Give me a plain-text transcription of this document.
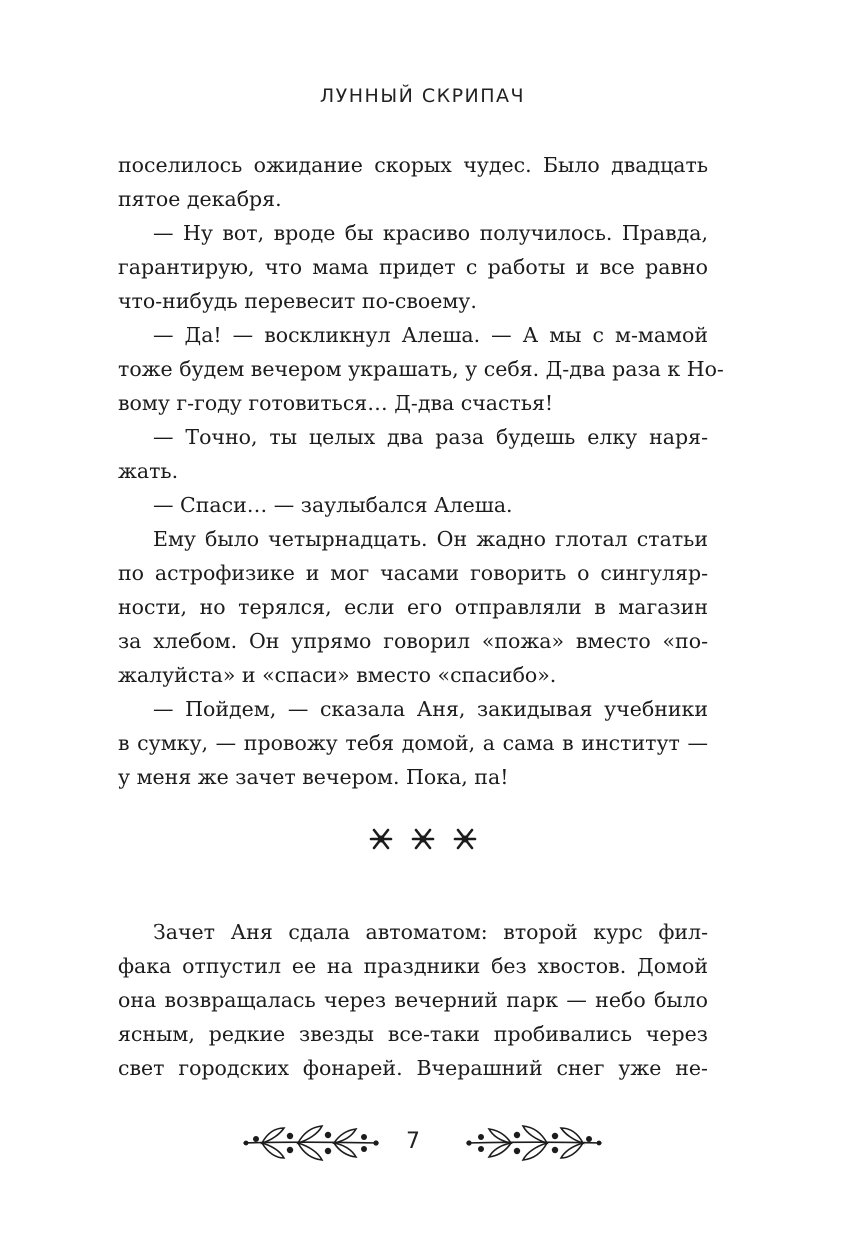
ЛУННЫЙ СКРИПАЧ
поселилось ожидание скорых чудес. Было двадцать
пятое декабря.
— Ну вот, вроде бы красиво получилось. Правда,
гарантирую, что мама придет с работы и все равно
что-нибудь перевесит по-своему.
— Да! — воскликнул Алеша. — А мы с м-мамой
тоже будем вечером украшать, у себя. Д-два раза к Но-
вому г-году готовиться… Д-два счастья!
— Точно, ты целых два раза будешь елку наря-
жать.
— Спаси… — заулыбался Алеша.
Ему было четырнадцать. Он жадно глотал статьи
по астрофизике и мог часами говорить о сингуляр-
ности, но терялся, если его отправляли в магазин
за хлебом. Он упрямо говорил «пожа» вместо «по-
жалуйста» и «спаси» вместо «спасибо».
— Пойдем, — сказала Аня, закидывая учебники
в сумку, — провожу тебя домой, а сама в институт —
у меня же зачет вечером. Пока, па!
Зачет Аня сдала автоматом: второй курс фил-
фака отпустил ее на праздники без хвостов. Домой
она возвращалась через вечерний парк — небо было
ясным, редкие звезды все-таки пробивались через
свет городских фонарей. Вчерашний снег уже не-
7
